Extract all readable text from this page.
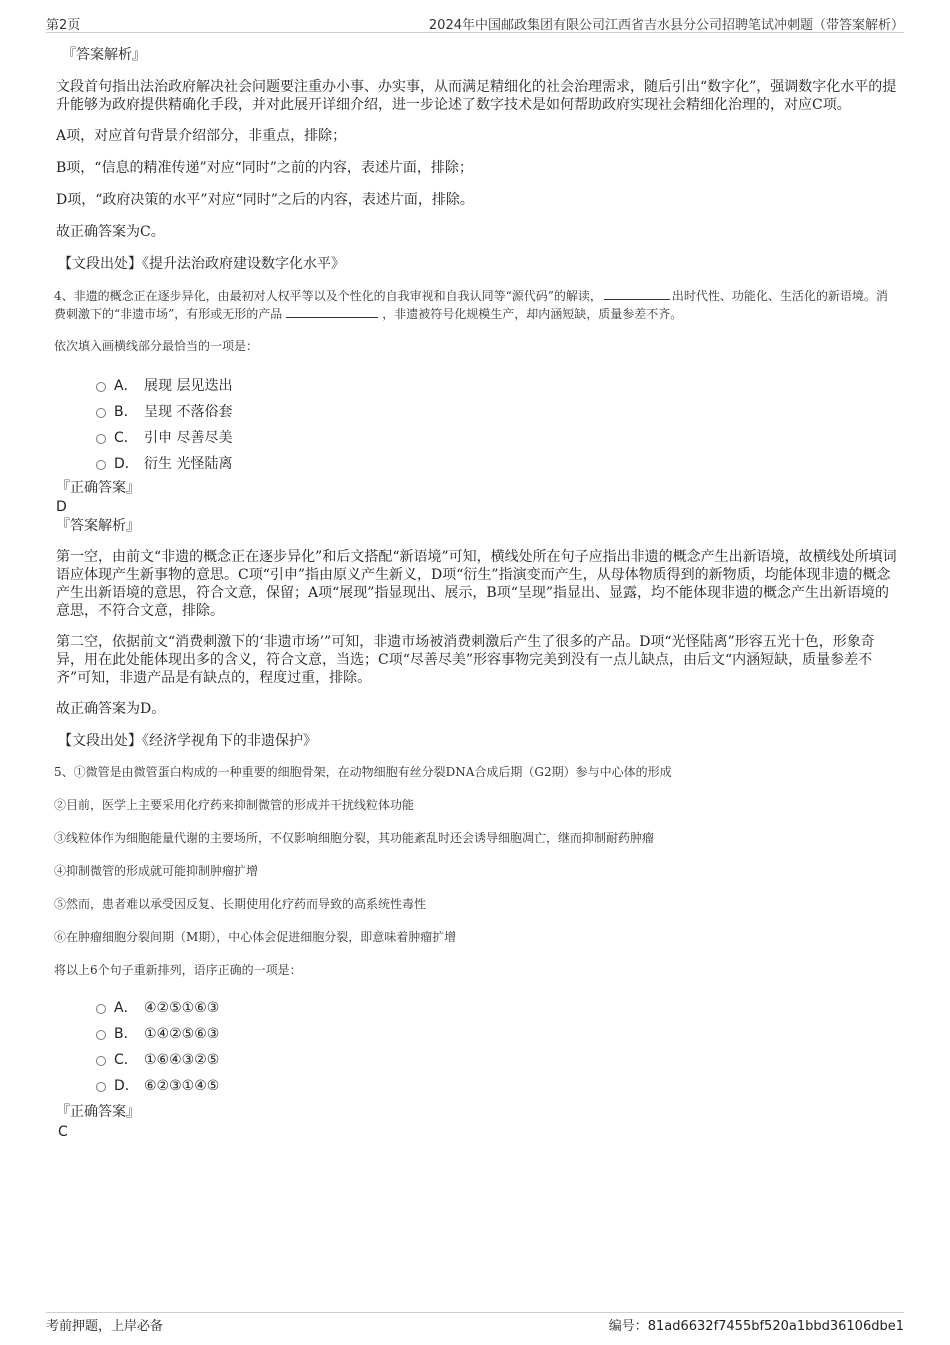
第2页	2024年中国邮政集团有限公司江西省吉水县分公司招聘笔试冲刺题（带答案解析）

『答案解析』

文段首句指出法治政府解决社会问题要注重办小事、办实事，从而满足精细化的社会治理需求，随后引出“数字化”，强调数字化水平的提升能够为政府提供精确化手段，并对此展开详细介绍，进一步论述了数字技术是如何帮助政府实现社会精细化治理的，对应C项。

A项，对应首句背景介绍部分，非重点，排除；

B项，“信息的精准传递”对应“同时”之前的内容，表述片面，排除；

D项，“政府决策的水平”对应“同时”之后的内容，表述片面，排除。

故正确答案为C。

【文段出处】《提升法治政府建设数字化水平》

4、非遗的概念正在逐步异化，由最初对人权平等以及个性化的自我审视和自我认同等“源代码”的解读，	出时代性、功能化、生活化的新语境。消费刺激下的“非遗市场”，有形或无形的产品	，非遗被符号化规模生产，却内涵短缺，质量参差不齐。

依次填入画横线部分最恰当的一项是：

A． 展现 层见迭出
B． 呈现 不落俗套
C． 引申 尽善尽美
D． 衍生 光怪陆离

『正确答案』

D

『答案解析』

第一空，由前文“非遗的概念正在逐步异化”和后文搭配“新语境”可知，横线处所在句子应指出非遗的概念产生出新语境，故横线处所填词语应体现产生新事物的意思。C项“引申”指由原义产生新义，D项“衍生”指演变而产生，从母体物质得到的新物质，均能体现非遗的概念产生出新语境的意思，符合文意，保留；A项“展现”指显现出、展示，B项“呈现”指显出、显露，均不能体现非遗的概念产生出新语境的意思，不符合文意，排除。

第二空，依据前文“消费刺激下的‘非遗市场’”可知，非遗市场被消费刺激后产生了很多的产品。D项“光怪陆离”形容五光十色，形象奇异，用在此处能体现出多的含义，符合文意，当选；C项“尽善尽美”形容事物完美到没有一点儿缺点，由后文“内涵短缺，质量参差不齐”可知，非遗产品是有缺点的，程度过重，排除。

故正确答案为D。

【文段出处】《经济学视角下的非遗保护》

5、①微管是由微管蛋白构成的一种重要的细胞骨架，在动物细胞有丝分裂DNA合成后期（G2期）参与中心体的形成

②目前，医学上主要采用化疗药来抑制微管的形成并干扰线粒体功能

③线粒体作为细胞能量代谢的主要场所，不仅影响细胞分裂，其功能紊乱时还会诱导细胞凋亡，继而抑制耐药肿瘤

④抑制微管的形成就可能抑制肿瘤扩增

⑤然而，患者难以承受因反复、长期使用化疗药而导致的高系统性毒性

⑥在肿瘤细胞分裂间期（M期），中心体会促进细胞分裂，即意味着肿瘤扩增

将以上6个句子重新排列，语序正确的一项是：

A． ④②⑤①⑥③
B． ①④②⑤⑥③
C． ①⑥④③②⑤
D． ⑥②③①④⑤

『正确答案』

C

考前押题，上岸必备	编号：81ad6632f7455bf520a1bbd36106dbe1
